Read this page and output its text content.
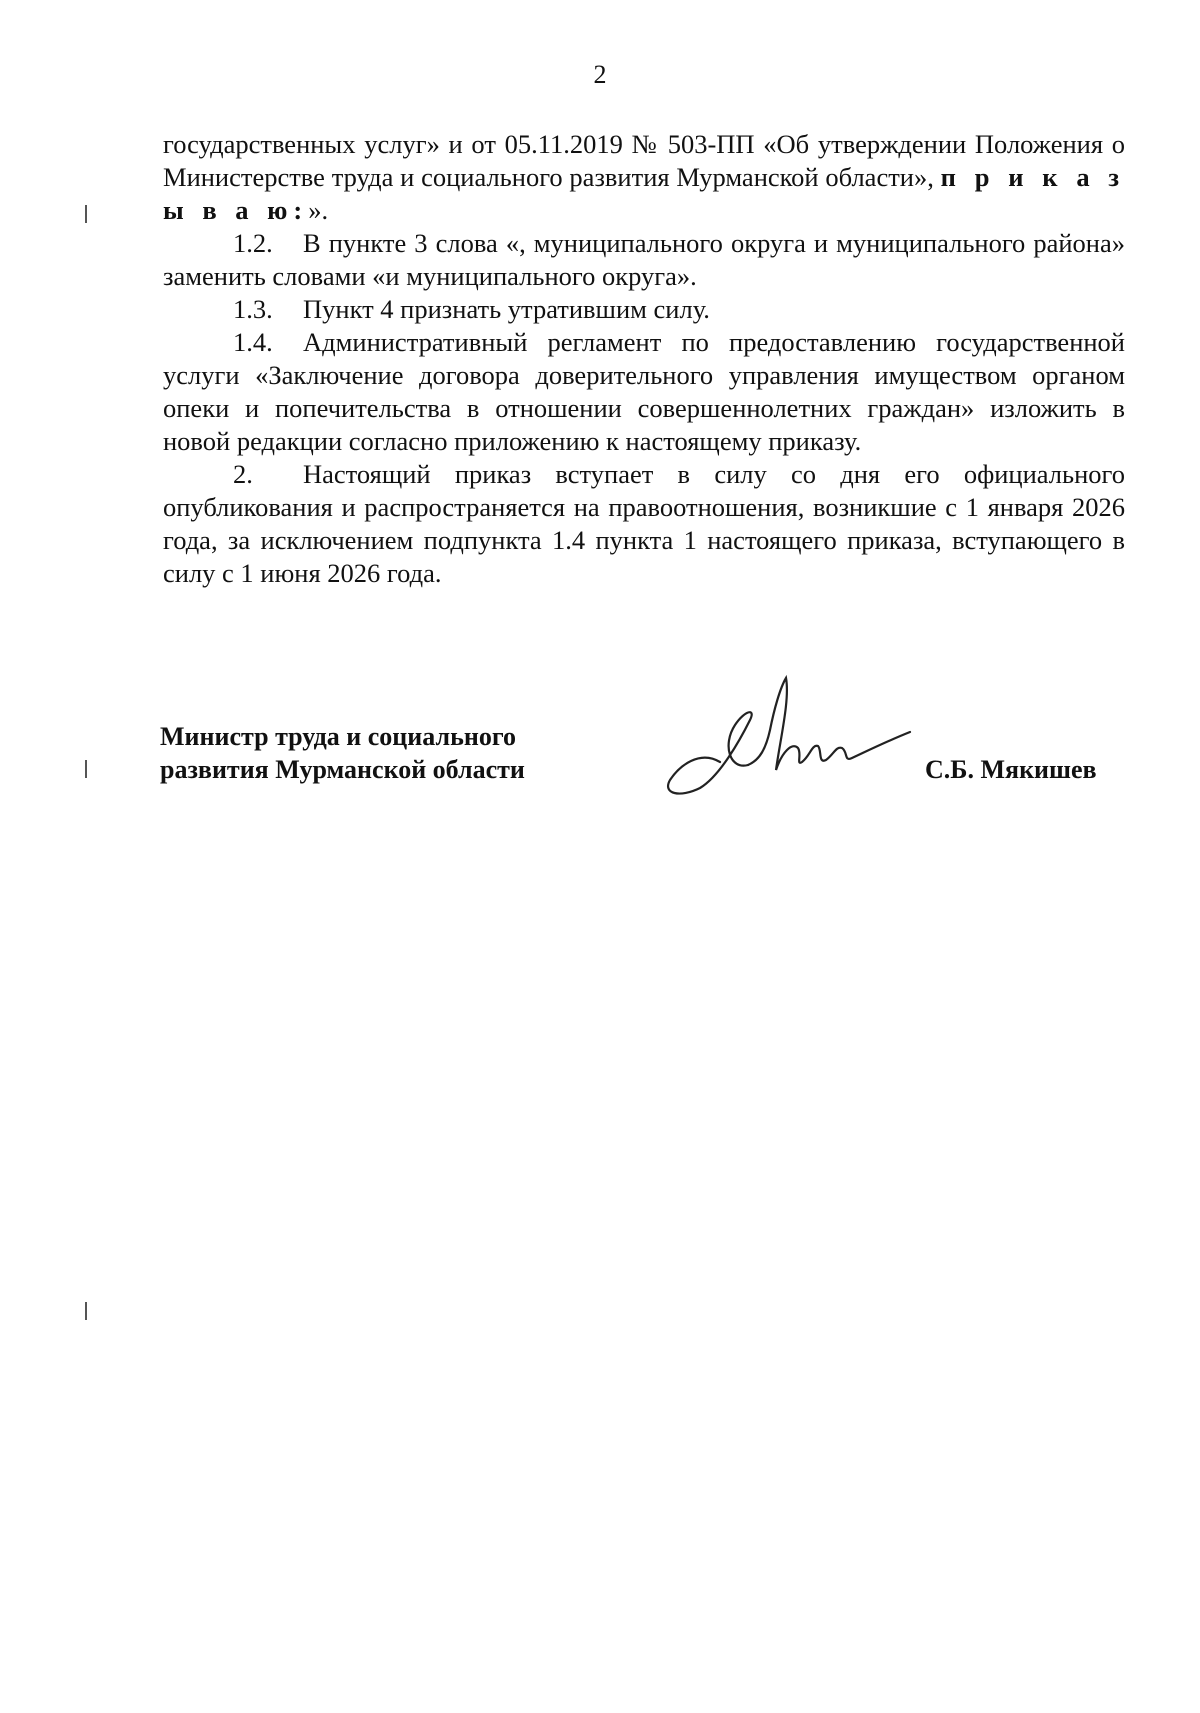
2

государственных услуг» и от 05.11.2019 № 503-ПП «Об утверждении Положения о Министерстве труда и социального развития Мурманской области», п р и к а з ы в а ю:».

1.2. В пункте 3 слова «, муниципального округа и муниципального района» заменить словами «и муниципального округа».

1.3. Пункт 4 признать утратившим силу.

1.4. Административный регламент по предоставлению государственной услуги «Заключение договора доверительного управления имуществом органом опеки и попечительства в отношении совершеннолетних граждан» изложить в новой редакции согласно приложению к настоящему приказу.

2. Настоящий приказ вступает в силу со дня его официального опубликования и распространяется на правоотношения, возникшие с 1 января 2026 года, за исключением подпункта 1.4 пункта 1 настоящего приказа, вступающего в силу с 1 июня 2026 года.

Министр труда и социального
развития Мурманской области	С.Б. Мякишев
